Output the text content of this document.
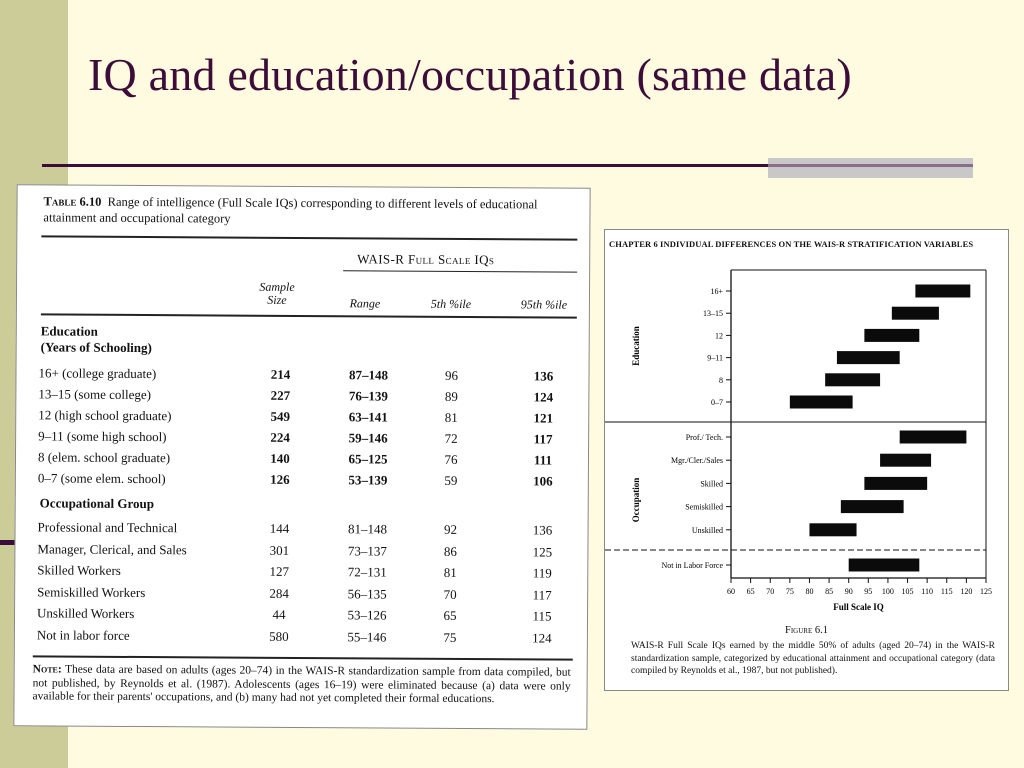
IQ and education/occupation (same data)
Table 6.10 Range of intelligence (Full Scale IQs) corresponding to different levels of educational attainment and occupational category
WAIS-R Full Scale IQs
Sample Size	Range	5th %ile	95th %ile
Education
(Years of Schooling)
16+ (college graduate)	214	87–148	96	136
13–15 (some college)	227	76–139	89	124
12 (high school graduate)	549	63–141	81	121
9–11 (some high school)	224	59–146	72	117
8 (elem. school graduate)	140	65–125	76	111
0–7 (some elem. school)	126	53–139	59	106
Occupational Group
Professional and Technical	144	81–148	92	136
Manager, Clerical, and Sales	301	73–137	86	125
Skilled Workers	127	72–131	81	119
Semiskilled Workers	284	56–135	70	117
Unskilled Workers	44	53–126	65	115
Not in labor force	580	55–146	75	124
Note: These data are based on adults (ages 20–74) in the WAIS-R standardization sample from data compiled, but not published, by Reynolds et al. (1987). Adolescents (ages 16–19) were eliminated because (a) data were only available for their parents' occupations, and (b) many had not yet completed their formal educations.
CHAPTER 6 INDIVIDUAL DIFFERENCES ON THE WAIS-R STRATIFICATION VARIABLES
Education
16+
13–15
12
9–11
8
0–7
Occupation
Prof./ Tech.
Mgr./Cler./Sales
Skilled
Semiskilled
Unskilled
Not in Labor Force
60 65 70 75 80 85 90 95 100 105 110 115 120 125
Full Scale IQ
Figure 6.1
WAIS-R Full Scale IQs earned by the middle 50% of adults (aged 20–74) in the WAIS-R standardization sample, categorized by educational attainment and occupational category (data compiled by Reynolds et al., 1987, but not published).
